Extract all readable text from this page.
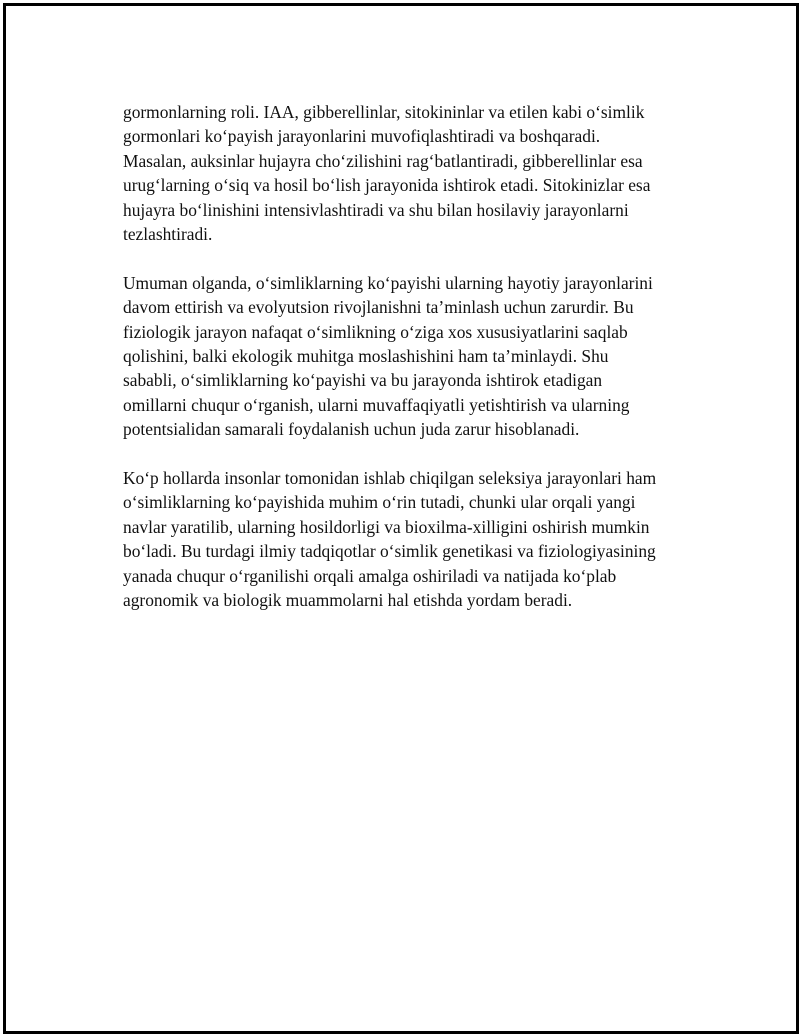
gormonlarning roli. IAA, gibberellinlar, sitokininlar va etilen kabi o‘simlik
gormonlari ko‘payish jarayonlarini muvofiqlashtiradi va boshqaradi.
Masalan, auksinlar hujayra cho‘zilishini rag‘batlantiradi, gibberellinlar esa
urug‘larning o‘siq va hosil bo‘lish jarayonida ishtirok etadi. Sitokinizlar esa
hujayra bo‘linishini intensivlashtiradi va shu bilan hosilaviy jarayonlarni
tezlashtiradi.

Umuman olganda, o‘simliklarning ko‘payishi ularning hayotiy jarayonlarini
davom ettirish va evolyutsion rivojlanishni ta’minlash uchun zarurdir. Bu
fiziologik jarayon nafaqat o‘simlikning o‘ziga xos xususiyatlarini saqlab
qolishini, balki ekologik muhitga moslashishini ham ta’minlaydi. Shu
sababli, o‘simliklarning ko‘payishi va bu jarayonda ishtirok etadigan
omillarni chuqur o‘rganish, ularni muvaffaqiyatli yetishtirish va ularning
potentsialidan samarali foydalanish uchun juda zarur hisoblanadi.

Ko‘p hollarda insonlar tomonidan ishlab chiqilgan seleksiya jarayonlari ham
o‘simliklarning ko‘payishida muhim o‘rin tutadi, chunki ular orqali yangi
navlar yaratilib, ularning hosildorligi va bioxilma-xilligini oshirish mumkin
bo‘ladi. Bu turdagi ilmiy tadqiqotlar o‘simlik genetikasi va fiziologiyasining
yanada chuqur o‘rganilishi orqali amalga oshiriladi va natijada ko‘plab
agronomik va biologik muammolarni hal etishda yordam beradi.
